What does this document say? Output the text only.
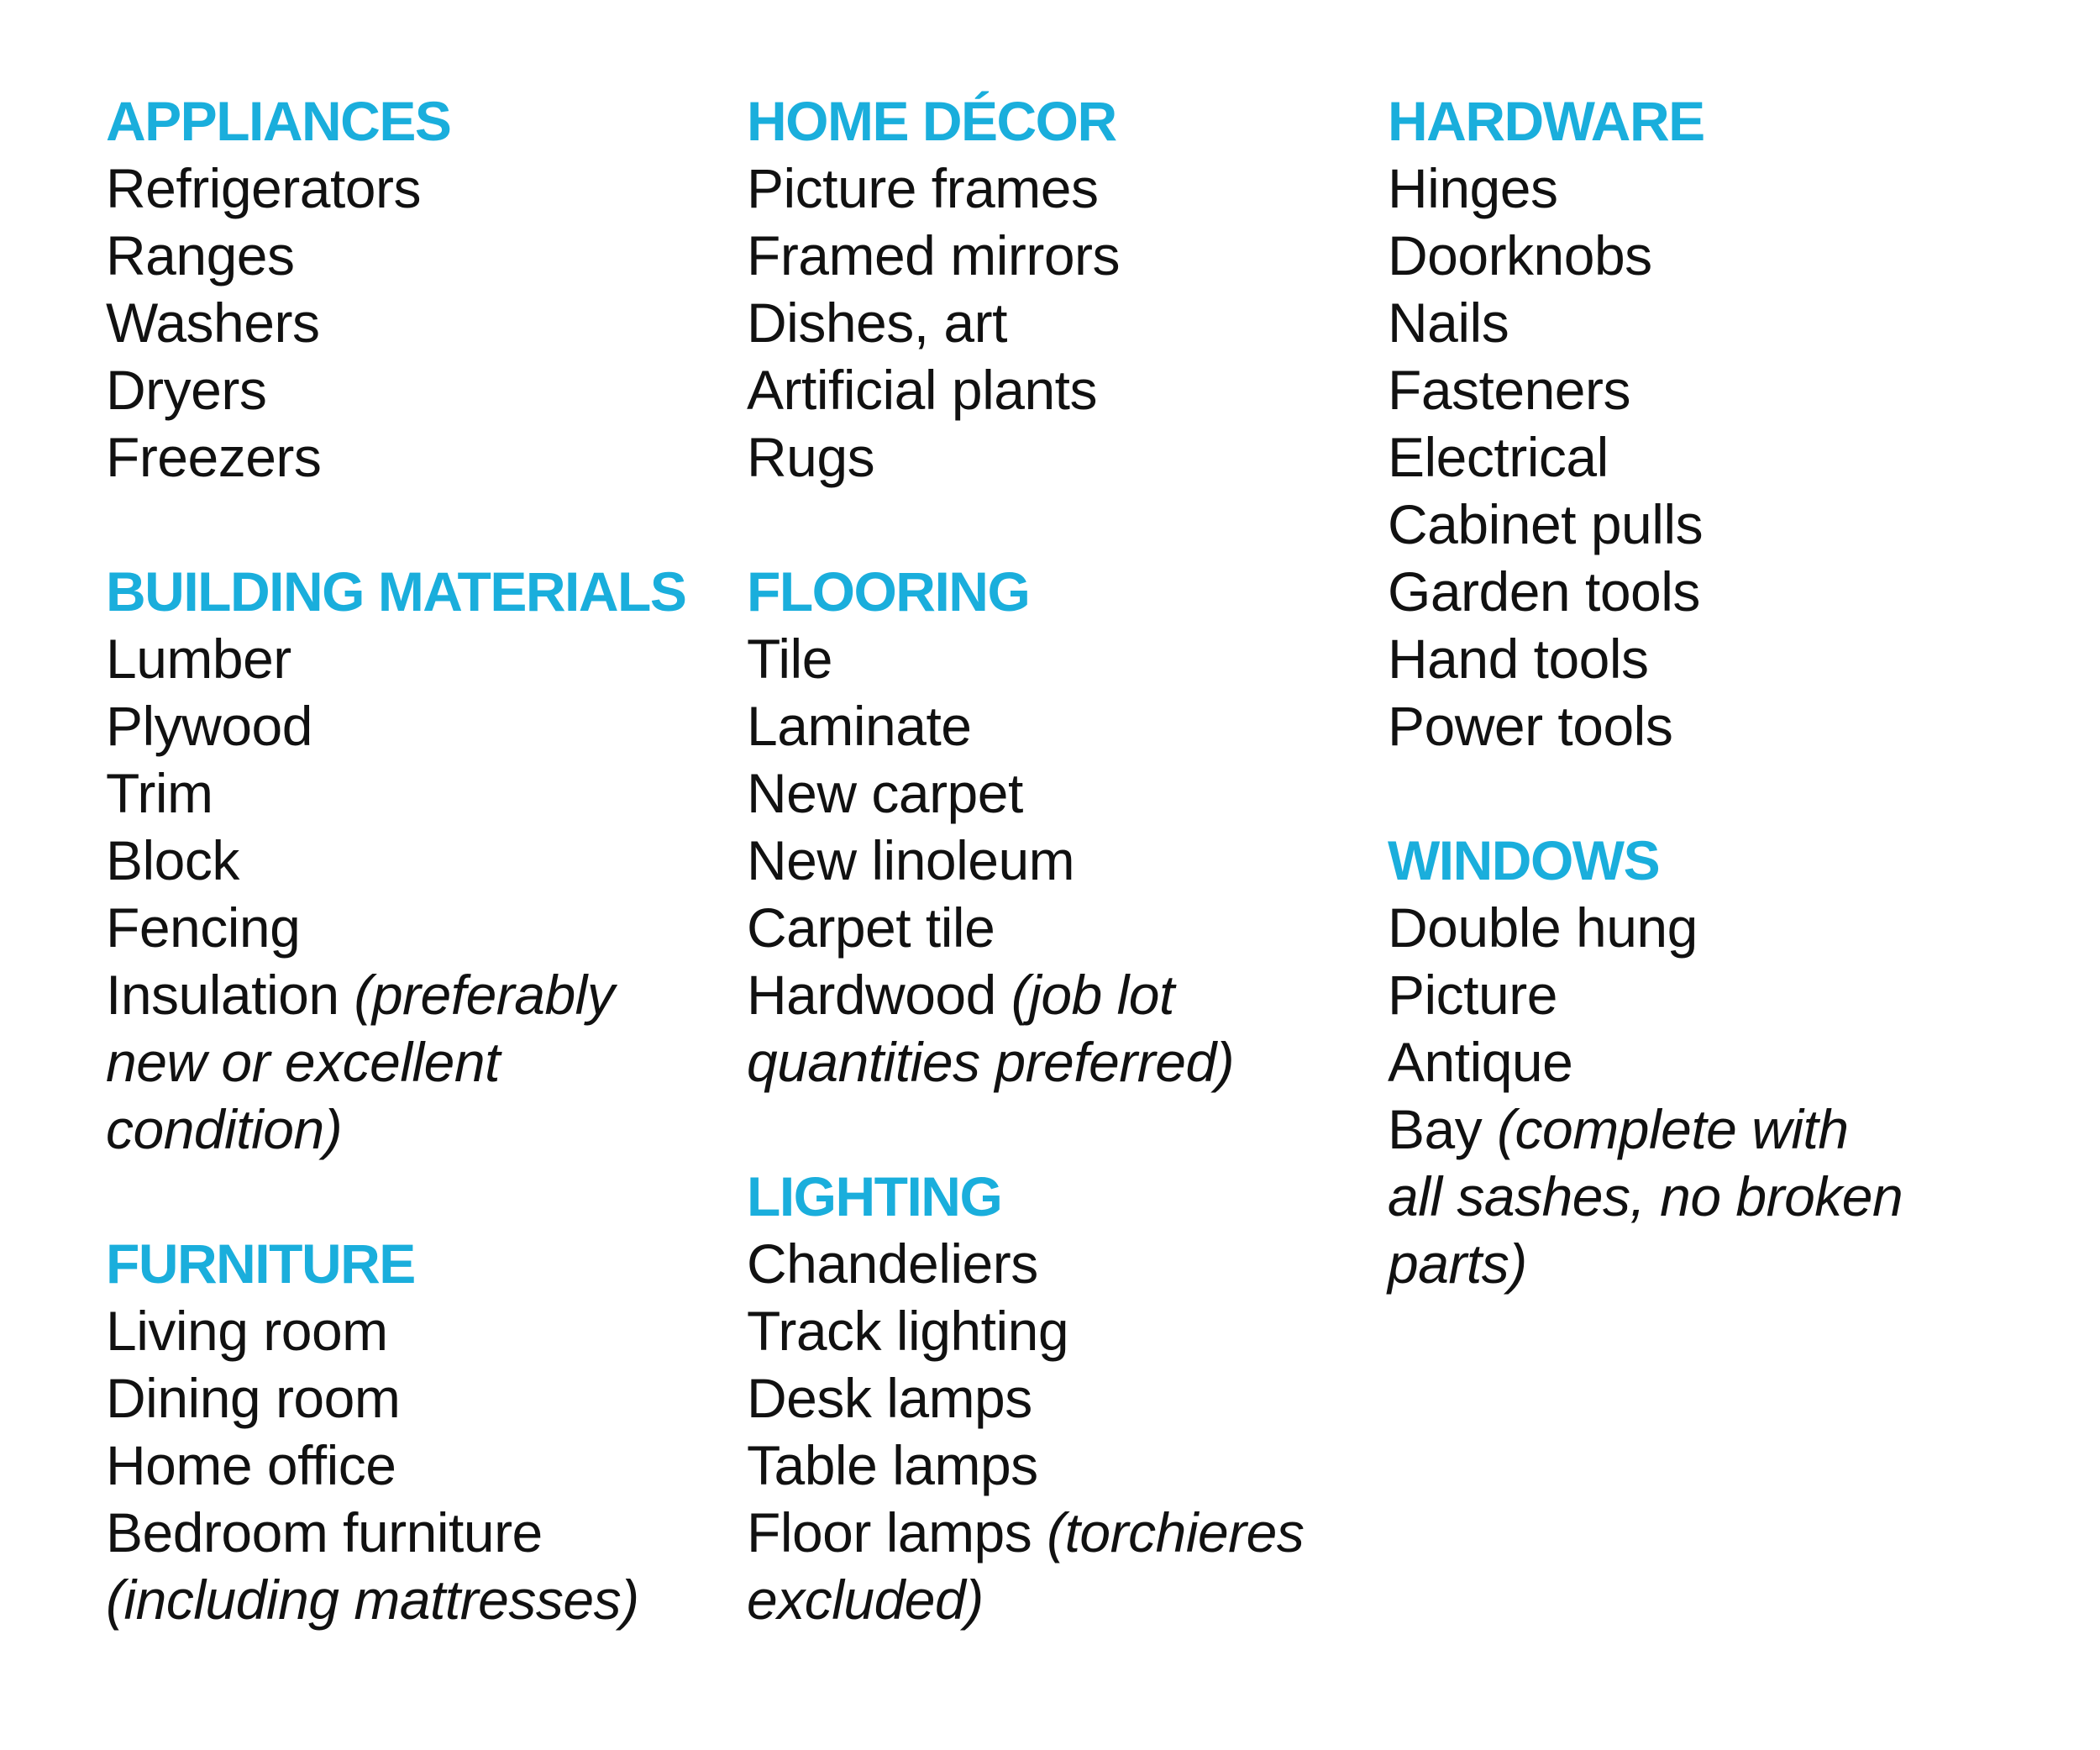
APPLIANCES
Refrigerators
Ranges
Washers
Dryers
Freezers
BUILDING MATERIALS
Lumber
Plywood
Trim
Block
Fencing
Insulation (preferably
new or excellent
condition)
FURNITURE
Living room
Dining room
Home office
Bedroom furniture
(including mattresses)
HOME DÉCOR
Picture frames
Framed mirrors
Dishes, art
Artificial plants
Rugs
FLOORING
Tile
Laminate
New carpet
New linoleum
Carpet tile
Hardwood (job lot
quantities preferred)
LIGHTING
Chandeliers
Track lighting
Desk lamps
Table lamps
Floor lamps (torchieres
excluded)
HARDWARE
Hinges
Doorknobs
Nails
Fasteners
Electrical
Cabinet pulls
Garden tools
Hand tools
Power tools
WINDOWS
Double hung
Picture
Antique
Bay (complete with
all sashes, no broken
parts)
